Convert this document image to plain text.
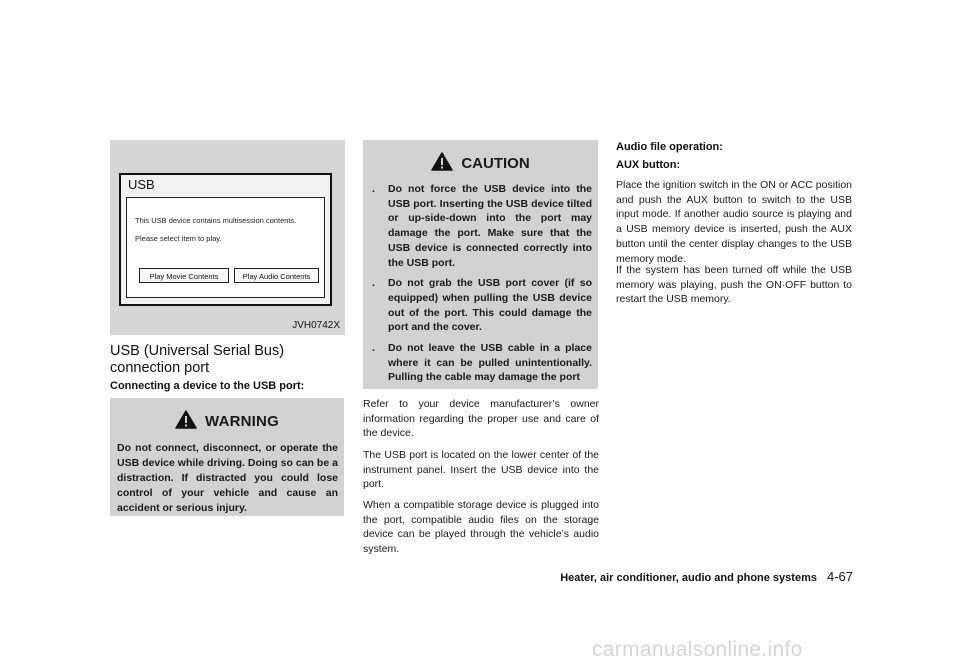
USB
This USB device contains multisession contents.
Please select item to play.
Play Movie Contents	Play Audio Contents
JVH0742X
USB (Universal Serial Bus) connection port
Connecting a device to the USB port:
WARNING
Do not connect, disconnect, or operate the USB device while driving. Doing so can be a distraction. If distracted you could lose control of your vehicle and cause an accident or serious injury.
CAUTION
. Do not force the USB device into the USB port. Inserting the USB device tilted or up-side-down into the port may damage the port. Make sure that the USB device is connected correctly into the USB port.
. Do not grab the USB port cover (if so equipped) when pulling the USB device out of the port. This could damage the port and the cover.
. Do not leave the USB cable in a place where it can be pulled unintentionally. Pulling the cable may damage the port

Refer to your device manufacturer’s owner information regarding the proper use and care of the device.

The USB port is located on the lower center of the instrument panel. Insert the USB device into the port.

When a compatible storage device is plugged into the port, compatible audio files on the storage device can be played through the vehicle’s audio system.

Audio file operation:
AUX button:

Place the ignition switch in the ON or ACC position and push the AUX button to switch to the USB input mode. If another audio source is playing and a USB memory device is inserted, push the AUX button until the center display changes to the USB memory mode.

If the system has been turned off while the USB memory was playing, push the ON·OFF button to restart the USB memory.

Heater, air conditioner, audio and phone systems 4-67
carmanualsonline.info
